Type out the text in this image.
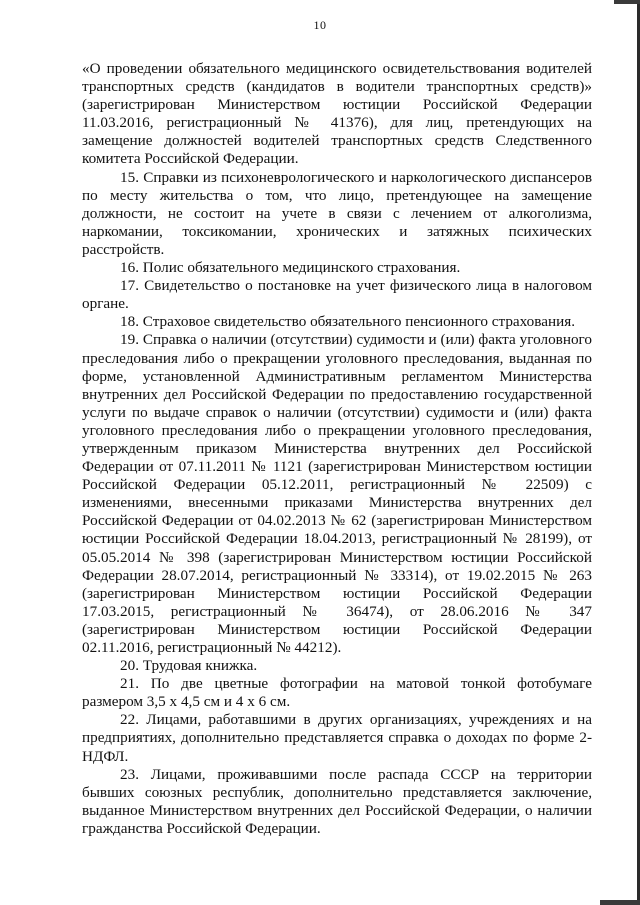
10

«О проведении обязательного медицинского освидетельствования водителей транспортных средств (кандидатов в водители транспортных средств)» (зарегистрирован Министерством юстиции Российской Федерации 11.03.2016, регистрационный № 41376), для лиц, претендующих на замещение должностей водителей транспортных средств Следственного комитета Российской Федерации.

15. Справки из психоневрологического и наркологического диспансеров по месту жительства о том, что лицо, претендующее на замещение должности, не состоит на учете в связи с лечением от алкоголизма, наркомании, токсикомании, хронических и затяжных психических расстройств.

16. Полис обязательного медицинского страхования.

17. Свидетельство о постановке на учет физического лица в налоговом органе.

18. Страховое свидетельство обязательного пенсионного страхования.

19. Справка о наличии (отсутствии) судимости и (или) факта уголовного преследования либо о прекращении уголовного преследования, выданная по форме, установленной Административным регламентом Министерства внутренних дел Российской Федерации по предоставлению государственной услуги по выдаче справок о наличии (отсутствии) судимости и (или) факта уголовного преследования либо о прекращении уголовного преследования, утвержденным приказом Министерства внутренних дел Российской Федерации от 07.11.2011 № 1121 (зарегистрирован Министерством юстиции Российской Федерации 05.12.2011, регистрационный № 22509) с изменениями, внесенными приказами Министерства внутренних дел Российской Федерации от 04.02.2013 № 62 (зарегистрирован Министерством юстиции Российской Федерации 18.04.2013, регистрационный № 28199), от 05.05.2014 № 398 (зарегистрирован Министерством юстиции Российской Федерации 28.07.2014, регистрационный № 33314), от 19.02.2015 № 263 (зарегистрирован Министерством юстиции Российской Федерации 17.03.2015, регистрационный № 36474), от 28.06.2016 № 347 (зарегистрирован Министерством юстиции Российской Федерации 02.11.2016, регистрационный № 44212).

20. Трудовая книжка.

21. По две цветные фотографии на матовой тонкой фотобумаге размером 3,5 х 4,5 см и 4 х 6 см.

22. Лицами, работавшими в других организациях, учреждениях и на предприятиях, дополнительно представляется справка о доходах по форме 2-НДФЛ.

23. Лицами, проживавшими после распада СССР на территории бывших союзных республик, дополнительно представляется заключение, выданное Министерством внутренних дел Российской Федерации, о наличии гражданства Российской Федерации.
